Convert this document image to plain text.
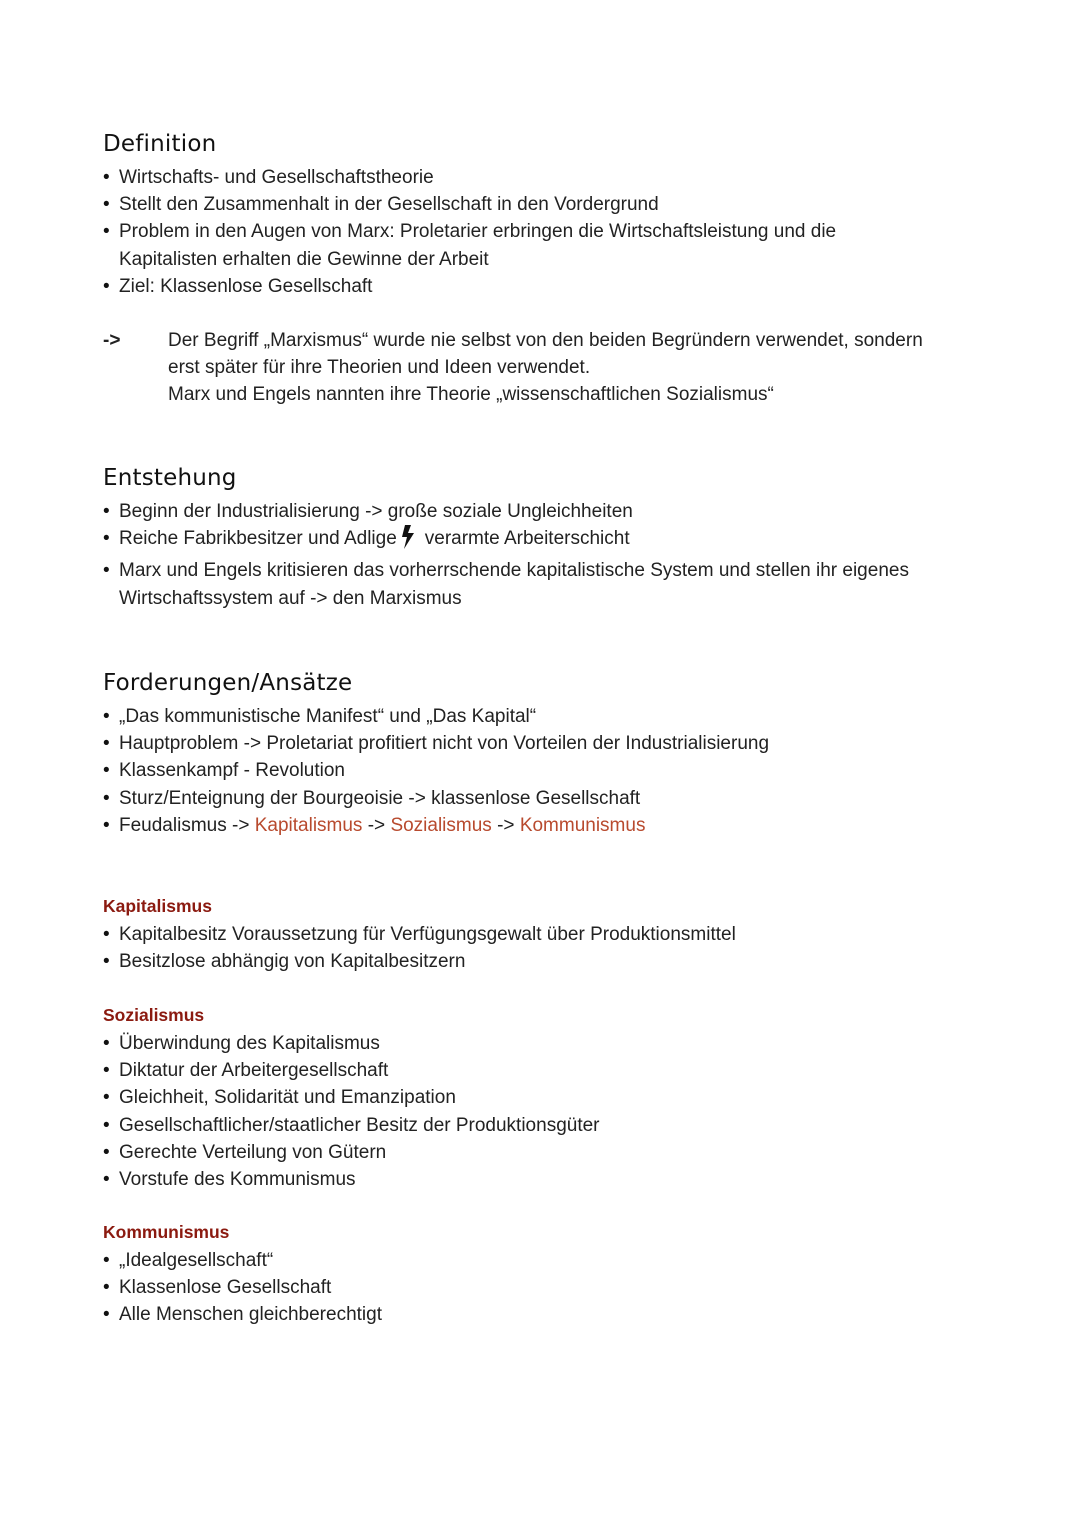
Definition
• Wirtschafts- und Gesellschaftstheorie
• Stellt den Zusammenhalt in der Gesellschaft in den Vordergrund
• Problem in den Augen von Marx: Proletarier erbringen die Wirtschaftsleistung und die
Kapitalisten erhalten die Gewinne der Arbeit
• Ziel: Klassenlose Gesellschaft
->	Der Begriff „Marxismus“ wurde nie selbst von den beiden Begründern verwendet, sondern
erst später für ihre Theorien und Ideen verwendet.
Marx und Engels nannten ihre Theorie „wissenschaftlichen Sozialismus“
Entstehung
• Beginn der Industrialisierung -> große soziale Ungleichheiten
• Reiche Fabrikbesitzer und Adlige verarmte Arbeiterschicht
• Marx und Engels kritisieren das vorherrschende kapitalistische System und stellen ihr eigenes
Wirtschaftssystem auf -> den Marxismus
Forderungen/Ansätze
• „Das kommunistische Manifest“ und „Das Kapital“
• Hauptproblem -> Proletariat profitiert nicht von Vorteilen der Industrialisierung
• Klassenkampf - Revolution
• Sturz/Enteignung der Bourgeoisie -> klassenlose Gesellschaft
• Feudalismus -> Kapitalismus -> Sozialismus -> Kommunismus
Kapitalismus
• Kapitalbesitz Voraussetzung für Verfügungsgewalt über Produktionsmittel
• Besitzlose abhängig von Kapitalbesitzern
Sozialismus
• Überwindung des Kapitalismus
• Diktatur der Arbeitergesellschaft
• Gleichheit, Solidarität und Emanzipation
• Gesellschaftlicher/staatlicher Besitz der Produktionsgüter
• Gerechte Verteilung von Gütern
• Vorstufe des Kommunismus
Kommunismus
• „Idealgesellschaft“
• Klassenlose Gesellschaft
• Alle Menschen gleichberechtigt
